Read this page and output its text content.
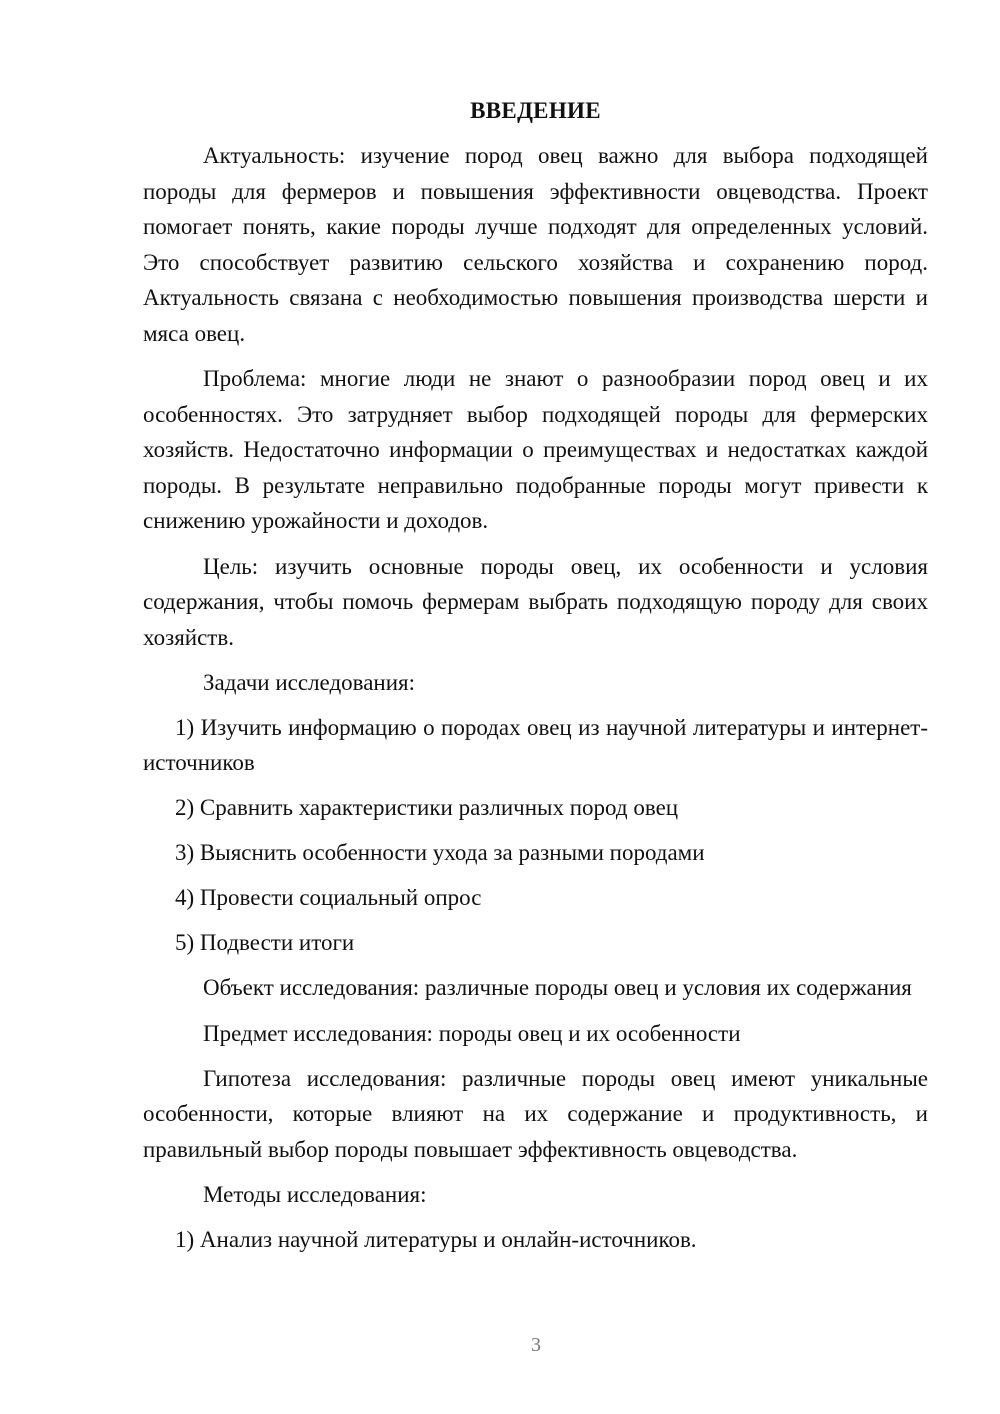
ВВЕДЕНИЕ

Актуальность: изучение пород овец важно для выбора подходящей породы для фермеров и повышения эффективности овцеводства. Проект помогает понять, какие породы лучше подходят для определенных условий. Это способствует развитию сельского хозяйства и сохранению пород. Актуальность связана с необходимостью повышения производства шерсти и мяса овец.

Проблема: многие люди не знают о разнообразии пород овец и их особенностях. Это затрудняет выбор подходящей породы для фермерских хозяйств. Недостаточно информации о преимуществах и недостатках каждой породы. В результате неправильно подобранные породы могут привести к снижению урожайности и доходов.

Цель: изучить основные породы овец, их особенности и условия содержания, чтобы помочь фермерам выбрать подходящую породу для своих хозяйств.

Задачи исследования:

1) Изучить информацию о породах овец из научной литературы и интернет-источников

2) Сравнить характеристики различных пород овец

3) Выяснить особенности ухода за разными породами

4) Провести социальный опрос

5) Подвести итоги

Объект исследования: различные породы овец и условия их содержания

Предмет исследования: породы овец и их особенности

Гипотеза исследования: различные породы овец имеют уникальные особенности, которые влияют на их содержание и продуктивность, и правильный выбор породы повышает эффективность овцеводства.

Методы исследования:

1) Анализ научной литературы и онлайн-источников.

3
